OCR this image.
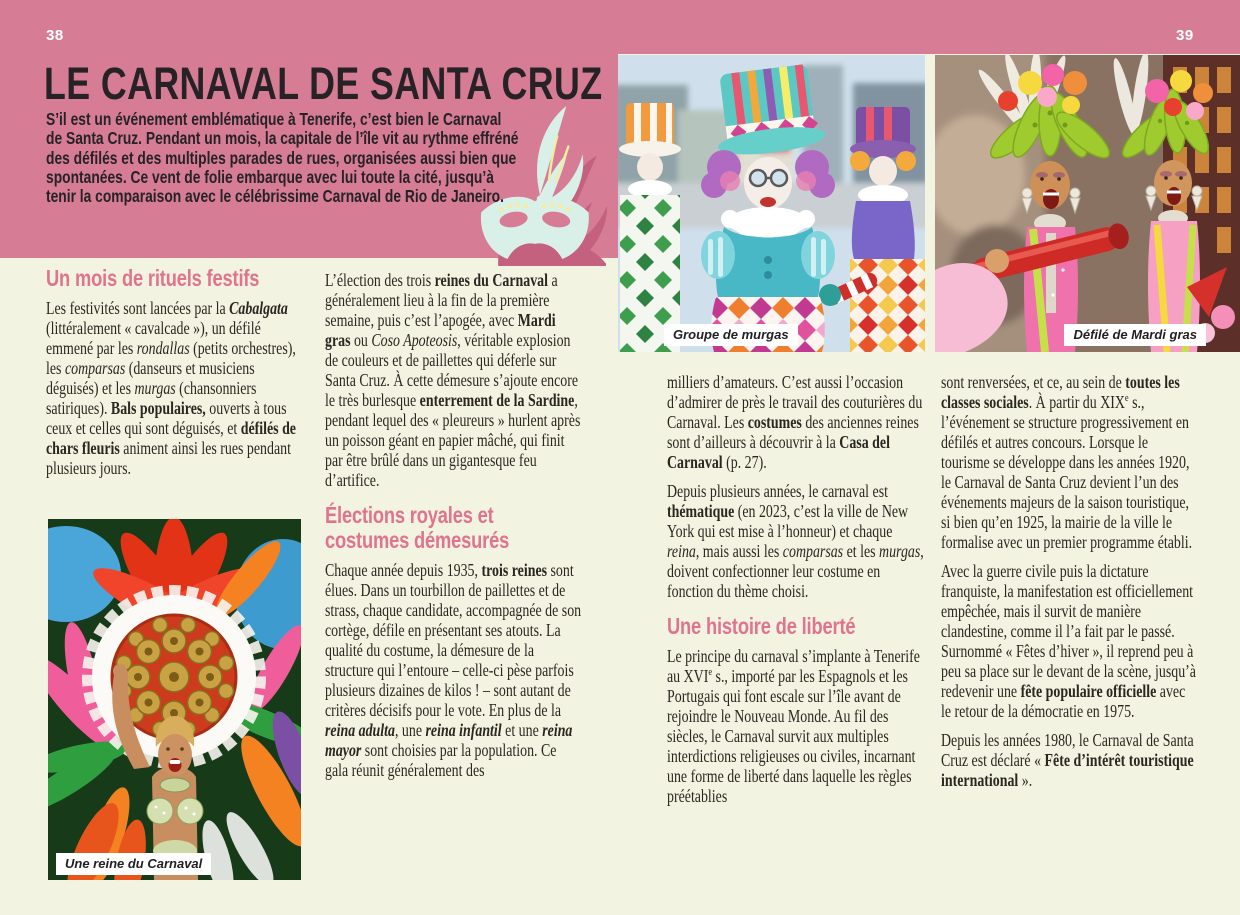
38	39
LE CARNAVAL DE SANTA CRUZ
S’il est un événement emblématique à Tenerife, c’est bien le Carnaval de Santa Cruz. Pendant un mois, la capitale de l’île vit au rythme effréné des défilés et des multiples parades de rues, organisées aussi bien que spontanées. Ce vent de folie embarque avec lui toute la cité, jusqu’à tenir la comparaison avec le célébrissime Carnaval de Rio de Janeiro.
Un mois de rituels festifs

Les festivités sont lancées par la Cabalgata (littéralement « cavalcade »), un défilé emmené par les rondallas (petits orchestres), les comparsas (danseurs et musiciens déguisés) et les murgas (chansonniers satiriques). Bals populaires, ouverts à tous ceux et celles qui sont déguisés, et défilés de chars fleuris animent ainsi les rues pendant plusieurs jours.

L’élection des trois reines du Carnaval a généralement lieu à la fin de la première semaine, puis c’est l’apogée, avec Mardi gras ou Coso Apoteosis, véritable explosion de couleurs et de paillettes qui déferle sur Santa Cruz. À cette démesure s’ajoute encore le très burlesque enterrement de la Sardine, pendant lequel des « pleureurs » hurlent après un poisson géant en papier mâché, qui finit par être brûlé dans un gigantesque feu d’artifice.

Élections royales et costumes démesurés

Chaque année depuis 1935, trois reines sont élues. Dans un tourbillon de paillettes et de strass, chaque candidate, accompagnée de son cortège, défile en présentant ses atouts. La qualité du costume, la démesure de la structure qui l’entoure – celle-ci pèse parfois plusieurs dizaines de kilos ! – sont autant de critères décisifs pour le vote. En plus de la reina adulta, une reina infantil et une reina mayor sont choisies par la population. Ce gala réunit généralement des

Une reine du Carnaval
Groupe de murgas	Défilé de Mardi gras

milliers d’amateurs. C’est aussi l’occasion d’admirer de près le travail des couturières du Carnaval. Les costumes des anciennes reines sont d’ailleurs à découvrir à la Casa del Carnaval (p. 27).

Depuis plusieurs années, le carnaval est thématique (en 2023, c’est la ville de New York qui est mise à l’honneur) et chaque reina, mais aussi les comparsas et les murgas, doivent confectionner leur costume en fonction du thème choisi.

Une histoire de liberté

Le principe du carnaval s’implante à Tenerife au XVIe s., importé par les Espagnols et les Portugais qui font escale sur l’île avant de rejoindre le Nouveau Monde. Au fil des siècles, le Carnaval survit aux multiples interdictions religieuses ou civiles, incarnant une forme de liberté dans laquelle les règles préétablies

sont renversées, et ce, au sein de toutes les classes sociales. À partir du XIXe s., l’événement se structure progressivement en défilés et autres concours. Lorsque le tourisme se développe dans les années 1920, le Carnaval de Santa Cruz devient l’un des événements majeurs de la saison touristique, si bien qu’en 1925, la mairie de la ville le formalise avec un premier programme établi.

Avec la guerre civile puis la dictature franquiste, la manifestation est officiellement empêchée, mais il survit de manière clandestine, comme il l’a fait par le passé. Surnommé « Fêtes d’hiver », il reprend peu à peu sa place sur le devant de la scène, jusqu’à redevenir une fête populaire officielle avec le retour de la démocratie en 1975.

Depuis les années 1980, le Carnaval de Santa Cruz est déclaré « Fête d’intérêt touristique international ».
